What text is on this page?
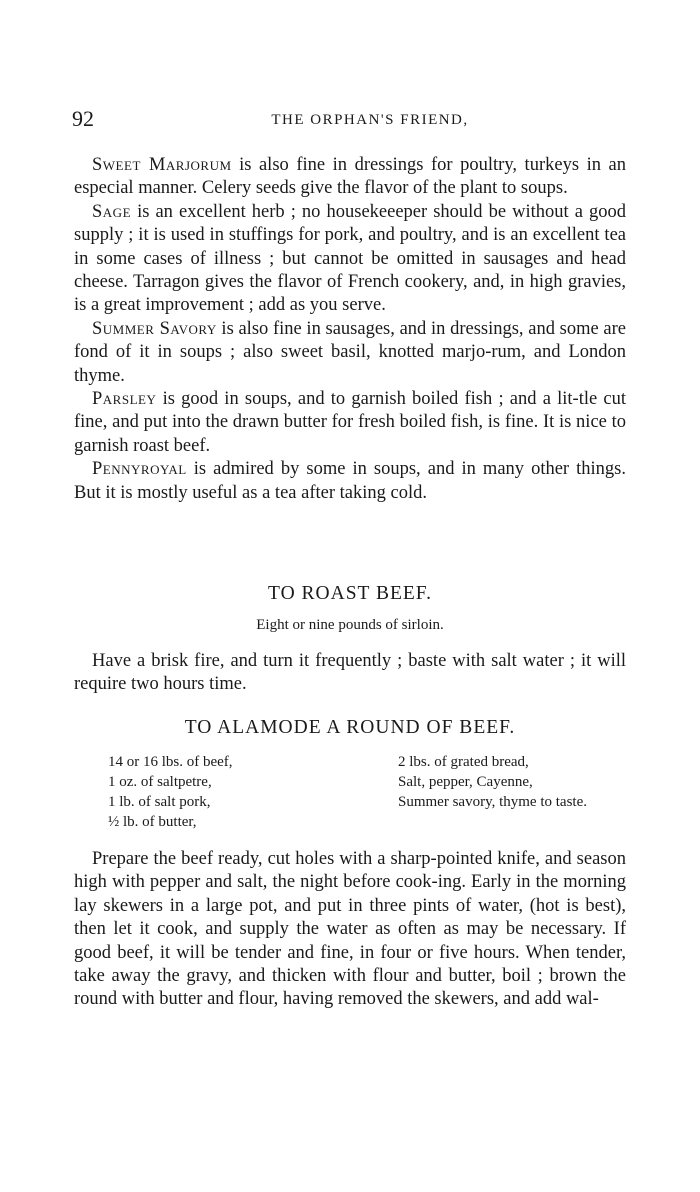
92	THE ORPHAN'S FRIEND,

Sweet Marjorum is also fine in dressings for poultry, turkeys in an especial manner. Celery seeds give the flavor of the plant to soups.

Sage is an excellent herb ; no housekeeeper should be without a good supply ; it is used in stuffings for pork, and poultry, and is an excellent tea in some cases of illness ; but cannot be omitted in sausages and head cheese. Tarragon gives the flavor of French cookery, and, in high gravies, is a great improvement ; add as you serve.

Summer Savory is also fine in sausages, and in dressings, and some are fond of it in soups ; also sweet basil, knotted marjo-rum, and London thyme.

Parsley is good in soups, and to garnish boiled fish ; and a lit-tle cut fine, and put into the drawn butter for fresh boiled fish, is fine. It is nice to garnish roast beef.

Pennyroyal is admired by some in soups, and in many other things. But it is mostly useful as a tea after taking cold.

TO ROAST BEEF.
Eight or nine pounds of sirloin.

Have a brisk fire, and turn it frequently ; baste with salt water ; it will require two hours time.

TO ALAMODE A ROUND OF BEEF.
14 or 16 lbs. of beef,
1 oz. of saltpetre,
1 lb. of salt pork,
½ lb. of butter,
2 lbs. of grated bread,
Salt, pepper, Cayenne,
Summer savory, thyme to taste.

Prepare the beef ready, cut holes with a sharp-pointed knife, and season high with pepper and salt, the night before cook-ing. Early in the morning lay skewers in a large pot, and put in three pints of water, (hot is best), then let it cook, and supply the water as often as may be necessary. If good beef, it will be tender and fine, in four or five hours. When tender, take away the gravy, and thicken with flour and butter, boil ; brown the round with butter and flour, having removed the skewers, and add wal-
